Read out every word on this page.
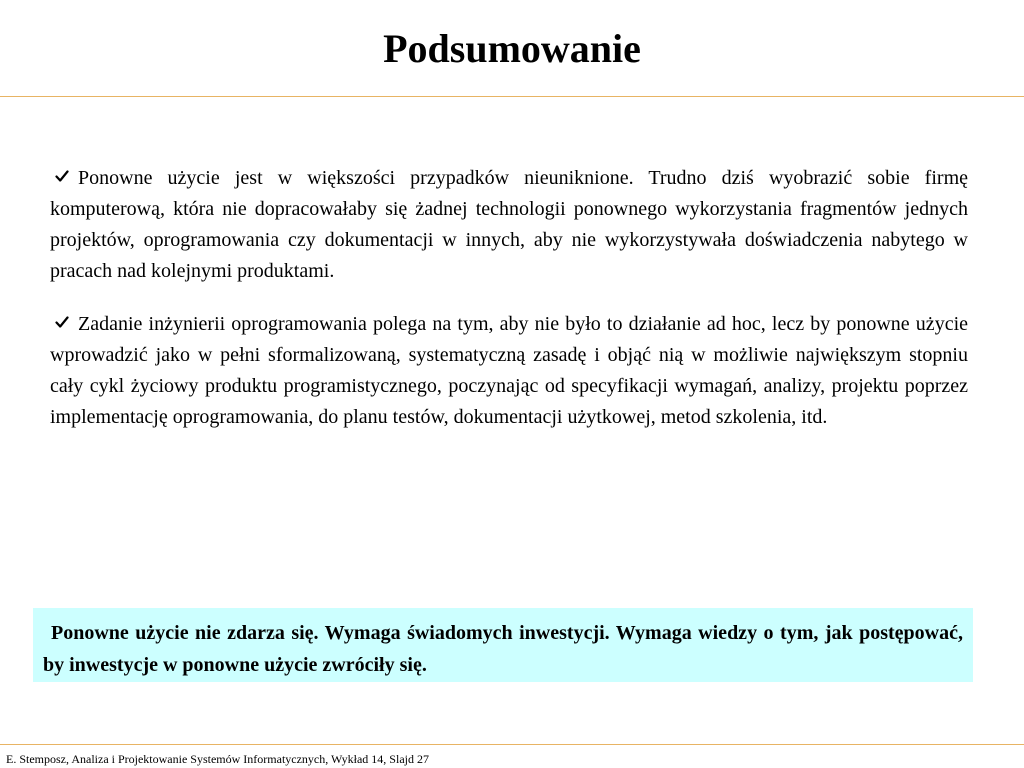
Podsumowanie
Ponowne użycie jest w większości przypadków nieuniknione. Trudno dziś wyobrazić sobie firmę komputerową, która nie dopracowałaby się żadnej technologii ponownego wykorzystania fragmentów jednych projektów, oprogramowania czy dokumentacji w innych, aby nie wykorzystywała doświadczenia nabytego w pracach nad kolejnymi produktami.
Zadanie inżynierii oprogramowania polega na tym, aby nie było to działanie ad hoc, lecz by ponowne użycie wprowadzić jako w pełni sformalizowaną, systematyczną zasadę i objąć nią w możliwie największym stopniu cały cykl życiowy produktu programistycznego, poczynając od specyfikacji wymagań, analizy, projektu poprzez implementację oprogramowania, do planu testów, dokumentacji użytkowej, metod szkolenia, itd.
Ponowne użycie nie zdarza się. Wymaga świadomych inwestycji. Wymaga wiedzy o tym, jak postępować, by inwestycje w ponowne użycie zwróciły się.
E. Stemposz, Analiza i Projektowanie Systemów Informatycznych, Wykład 14, Slajd 27
